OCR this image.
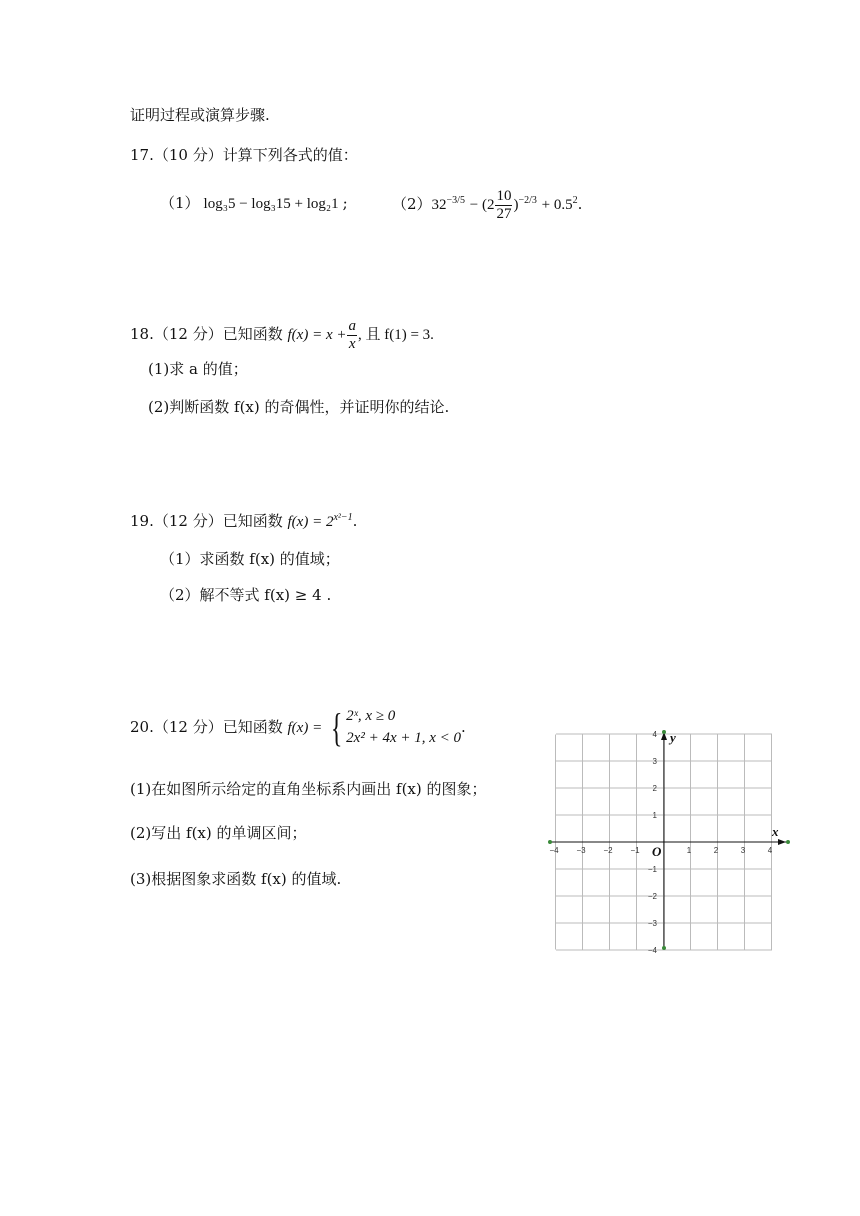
证明过程或演算步骤.
17.（10 分）计算下列各式的值：
（1） log₃5 − log₃15 + log₂1 ;	$(2)32^{-3/5} - (2 \frac{10}{27} )^{-2/3} + 0.5^2$.
18.（12 分）已知函数 $f(x) = x + \frac{a}{x}$ , 且 f(1) = 3.
(1)求 a 的值；
(2)判断函数 f(x) 的奇偶性，并证明你的结论.
19.（12 分）已知函数 $f(x) = 2^{x^2-1}$.
（1）求函数 f(x) 的值域；
（2）解不等式 f(x) ≥ 4 .
20.（12 分）已知函数 f(x) = { 2ˣ, x ≥ 0
2x² + 4x + 1, x < 0
.
(1)在如图所示给定的直角坐标系内画出 f(x) 的图象；
(2)写出 f(x) 的单调区间；
(3)根据图象求函数 f(x) 的值域.
−4 −3 −2 −1	1	2	3	4
4
3
2
1
−1
−2
−3
−4
x
y
O
